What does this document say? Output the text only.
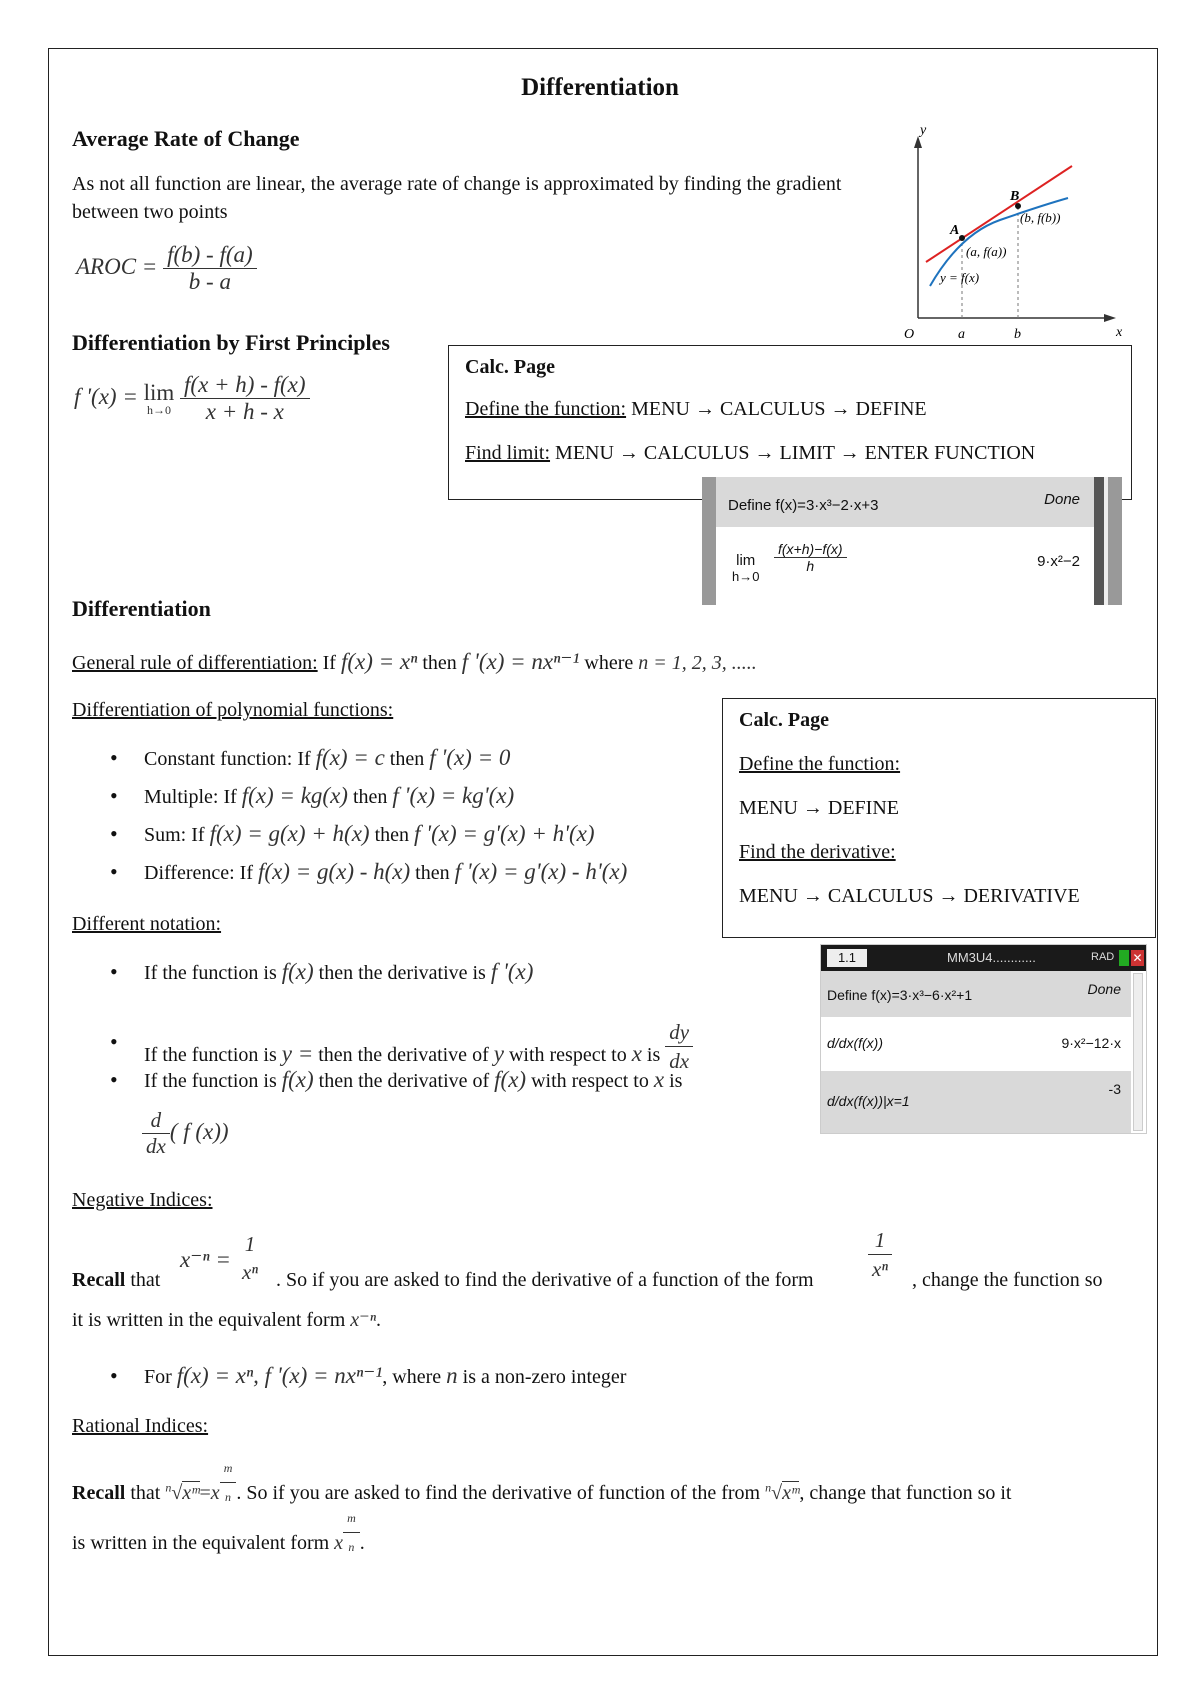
Differentiation
Average Rate of Change
As not all function are linear, the average rate of change is approximated by finding the gradient between two points
AROC = $\frac{f(b) - f(a)}{b - a}$
y
x
O	a	b
A
B
(a, f(a))
(b, f(b))
y = f(x)
Differentiation by First Principles
f '(x) = lim
h→0
$\frac{f(x + h) - f(x)}{x + h - x}$
Calc. Page
Define the function: MENU → CALCULUS → DEFINE
Find limit: MENU → CALCULUS → LIMIT → ENTER FUNCTION
Define f(x)=3·x³−2·x+3	Done
lim
h→0
$\frac{f(x+h)-f(x)}{h}$	9·x²−2
Differentiation
General rule of differentiation: If f(x) = xⁿ then f '(x) = nxⁿ⁻¹ where n = 1, 2, 3, .....
Differentiation of polynomial functions:
• Constant function: If f(x) = c then f '(x) = 0
• Multiple: If f(x) = kg(x) then f '(x) = kg'(x)
• Sum: If f(x) = g(x) + h(x) then f '(x) = g'(x) + h'(x)
• Difference: If f(x) = g(x) - h(x) then f '(x) = g'(x) - h'(x)
Calc. Page
Define the function:
MENU → DEFINE
Find the derivative:
MENU → CALCULUS → DERIVATIVE
Different notation:
• If the function is f(x) then the derivative is f '(x)
• If the function is y = then the derivative of y with respect to x is $\frac{dy}{dx}$
• If the function is f(x) then the derivative of f(x) with respect to x is
$\frac{d}{dx}$ ( f (x))
1.1	MM3U4............	RAD ✕
Define f(x)=3·x³−6·x²+1	Done
d/dx(f(x))	9·x²−12·x
d/dx(f(x))|x=1
-3
Negative Indices:
Recall that
x⁻ⁿ =
1
xⁿ . So if you are asked to find the derivative of a function of the form	$\frac{1}{\text{xⁿ}}$ , change the function so
it is written in the equivalent form x⁻ⁿ.
• For f(x) = xⁿ, f '(x) = nxⁿ⁻¹, where n is a non-zero integer
Rational Indices:
Recall that $^n$√xᵐ=x $\frac{m}{n}$ . So if you are asked to find the derivative of function of the from $^n$√xᵐ, change that function so it
is written in the equivalent form x $\frac{m}{n}$ .
